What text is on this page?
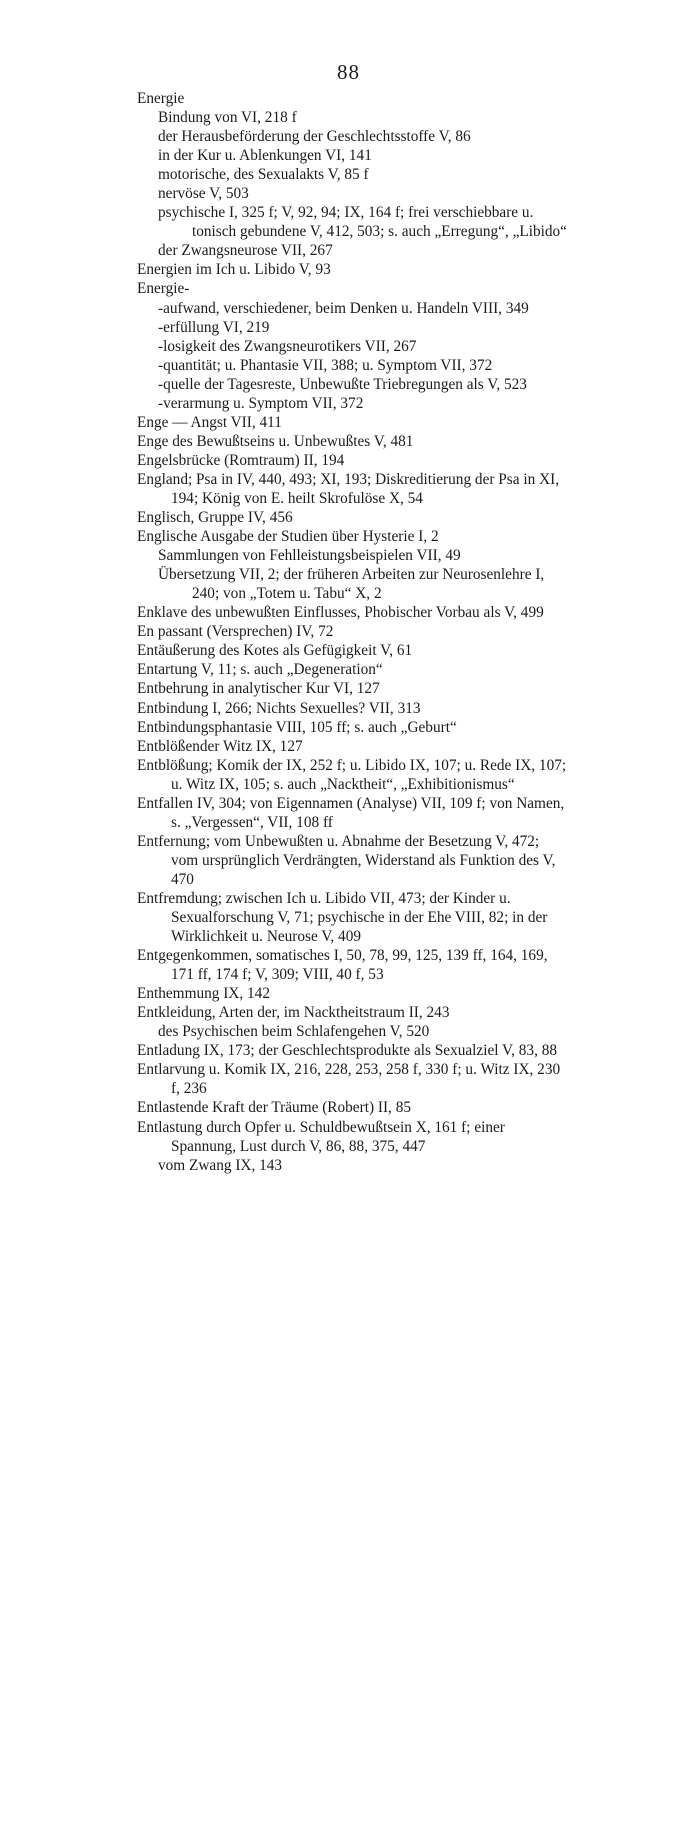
88

Energie

Bindung von VI, 218 f

der Herausbeförderung der Geschlechtsstoffe V, 86

in der Kur u. Ablenkungen VI, 141

motorische, des Sexualakts V, 85 f

nervöse V, 503

psychische I, 325 f; V, 92, 94; IX, 164 f; frei verschiebbare u. tonisch gebundene V, 412, 503; s. auch „Erregung“, „Libido“

der Zwangsneurose VII, 267

Energien im Ich u. Libido V, 93

Energie-

-aufwand, verschiedener, beim Denken u. Handeln VIII, 349

-erfüllung VI, 219

-losigkeit des Zwangsneurotikers VII, 267

-quantität; u. Phantasie VII, 388; u. Symptom VII, 372

-quelle der Tagesreste, Unbewußte Triebregungen als V, 523

-verarmung u. Symptom VII, 372

Enge — Angst VII, 411

Enge des Bewußtseins u. Unbewußtes V, 481

Engelsbrücke (Romtraum) II, 194

England; Psa in IV, 440, 493; XI, 193; Diskreditierung der Psa in XI, 194; König von E. heilt Skrofulöse X, 54

Englisch, Gruppe IV, 456

Englische Ausgabe der Studien über Hysterie I, 2

Sammlungen von Fehlleistungsbeispielen VII, 49

Übersetzung VII, 2; der früheren Arbeiten zur Neurosenlehre I, 240; von „Totem u. Tabu“ X, 2

Enklave des unbewußten Einflusses, Phobischer Vorbau als V, 499

En passant (Versprechen) IV, 72

Entäußerung des Kotes als Gefügigkeit V, 61

Entartung V, 11; s. auch „Degeneration“

Entbehrung in analytischer Kur VI, 127

Entbindung I, 266; Nichts Sexuelles? VII, 313

Entbindungsphantasie VIII, 105 ff; s. auch „Geburt“

Entblößender Witz IX, 127

Entblößung; Komik der IX, 252 f; u. Libido IX, 107; u. Rede IX, 107; u. Witz IX, 105; s. auch „Nacktheit“, „Exhibitionismus“

Entfallen IV, 304; von Eigennamen (Analyse) VII, 109 f; von Namen, s. „Vergessen“, VII, 108 ff

Entfernung; vom Unbewußten u. Abnahme der Besetzung V, 472; vom ursprünglich Verdrängten, Widerstand als Funktion des V, 470

Entfremdung; zwischen Ich u. Libido VII, 473; der Kinder u. Sexualforschung V, 71; psychische in der Ehe VIII, 82; in der Wirklichkeit u. Neurose V, 409

Entgegenkommen, somatisches I, 50, 78, 99, 125, 139 ff, 164, 169, 171 ff, 174 f; V, 309; VIII, 40 f, 53

Enthemmung IX, 142

Entkleidung, Arten der, im Nacktheitstraum II, 243

des Psychischen beim Schlafengehen V, 520

Entladung IX, 173; der Geschlechtsprodukte als Sexualziel V, 83, 88

Entlarvung u. Komik IX, 216, 228, 253, 258 f, 330 f; u. Witz IX, 230 f, 236

Entlastende Kraft der Träume (Robert) II, 85

Entlastung durch Opfer u. Schuldbewußtsein X, 161 f; einer Spannung, Lust durch V, 86, 88, 375, 447

vom Zwang IX, 143
